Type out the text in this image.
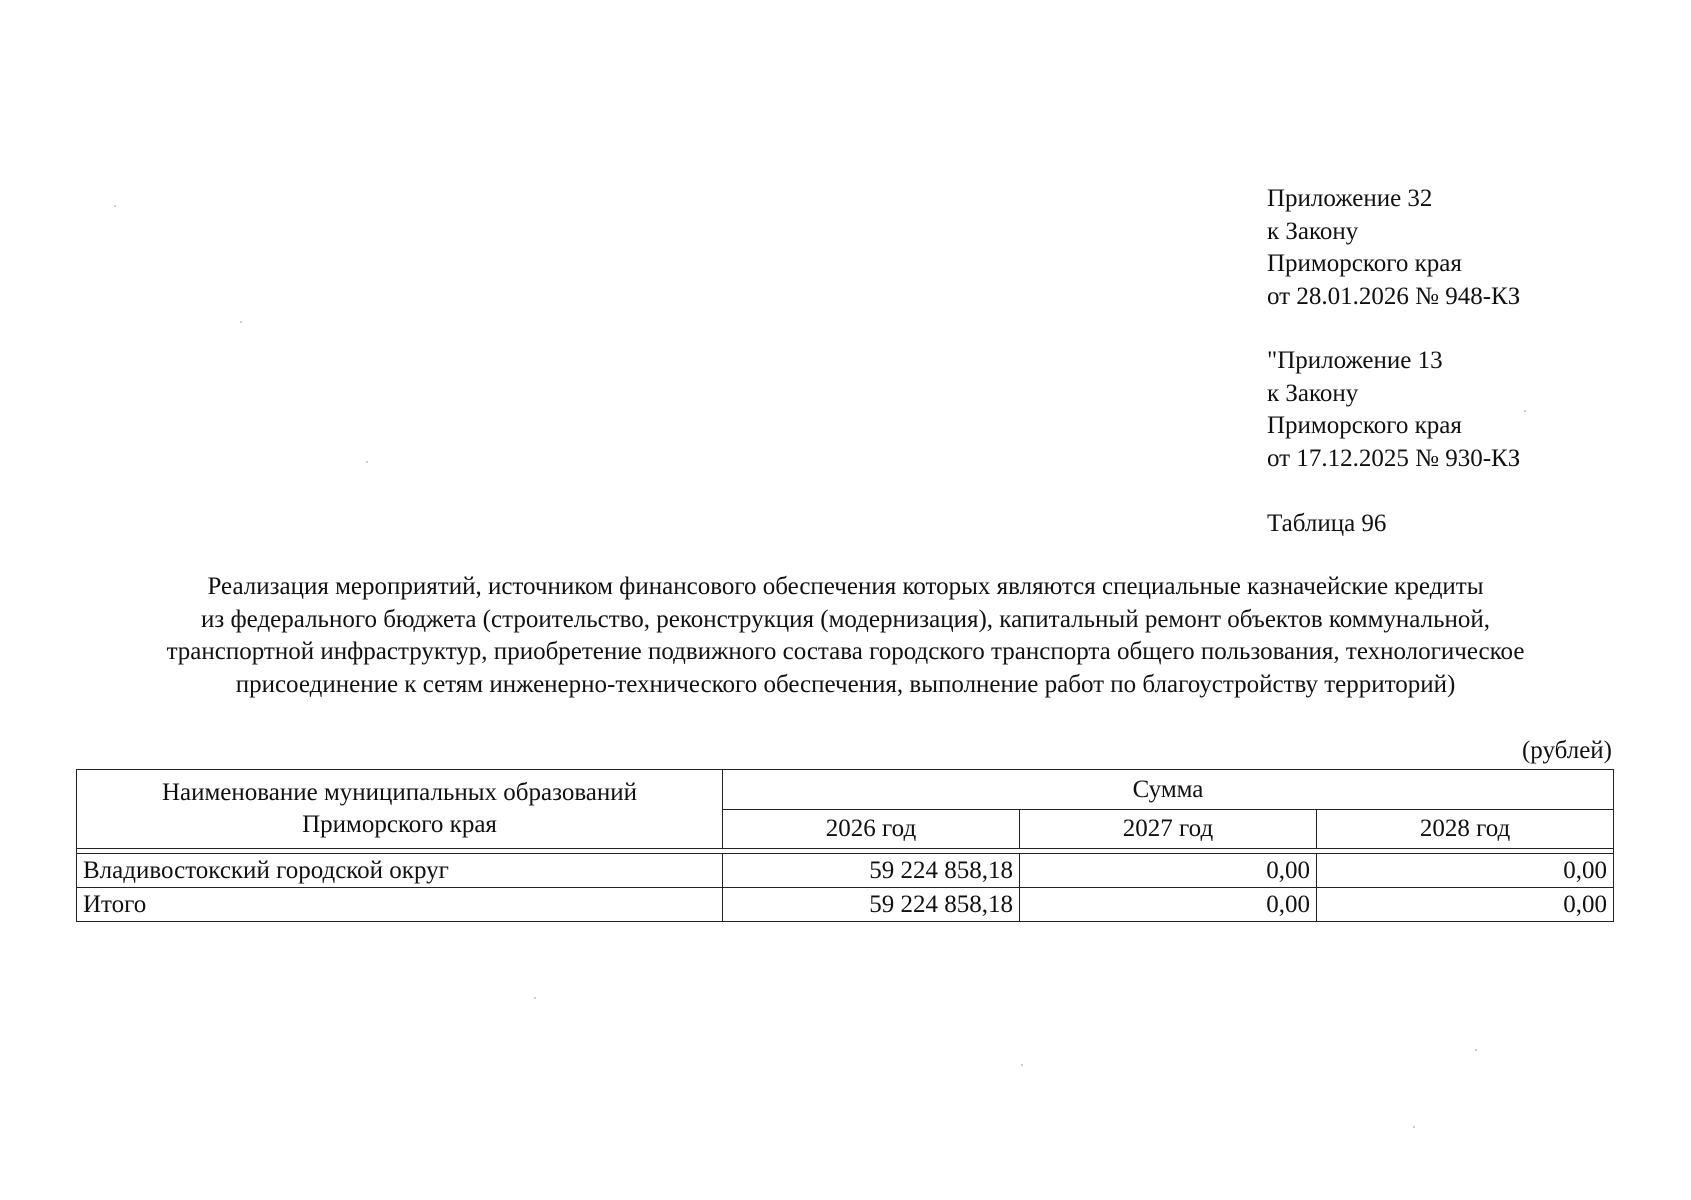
Приложение 32
к Закону
Приморского края
от 28.01.2026 № 948-КЗ
"Приложение 13
к Закону
Приморского края
от 17.12.2025 № 930-КЗ
Таблица 96
Реализация мероприятий, источником финансового обеспечения которых являются специальные казначейские кредиты
из федерального бюджета (строительство, реконструкция (модернизация), капитальный ремонт объектов коммунальной,
транспортной инфраструктур, приобретение подвижного состава городского транспорта общего пользования, технологическое
присоединение к сетям инженерно-технического обеспечения, выполнение работ по благоустройству территорий)
(рублей)
Наименование муниципальных образований
Приморского края	Сумма		
	2026 год	2027 год	2028 год

Владивостокский городской округ	59 224 858,18	0,00	0,00
Итого	59 224 858,18	0,00	0,00
